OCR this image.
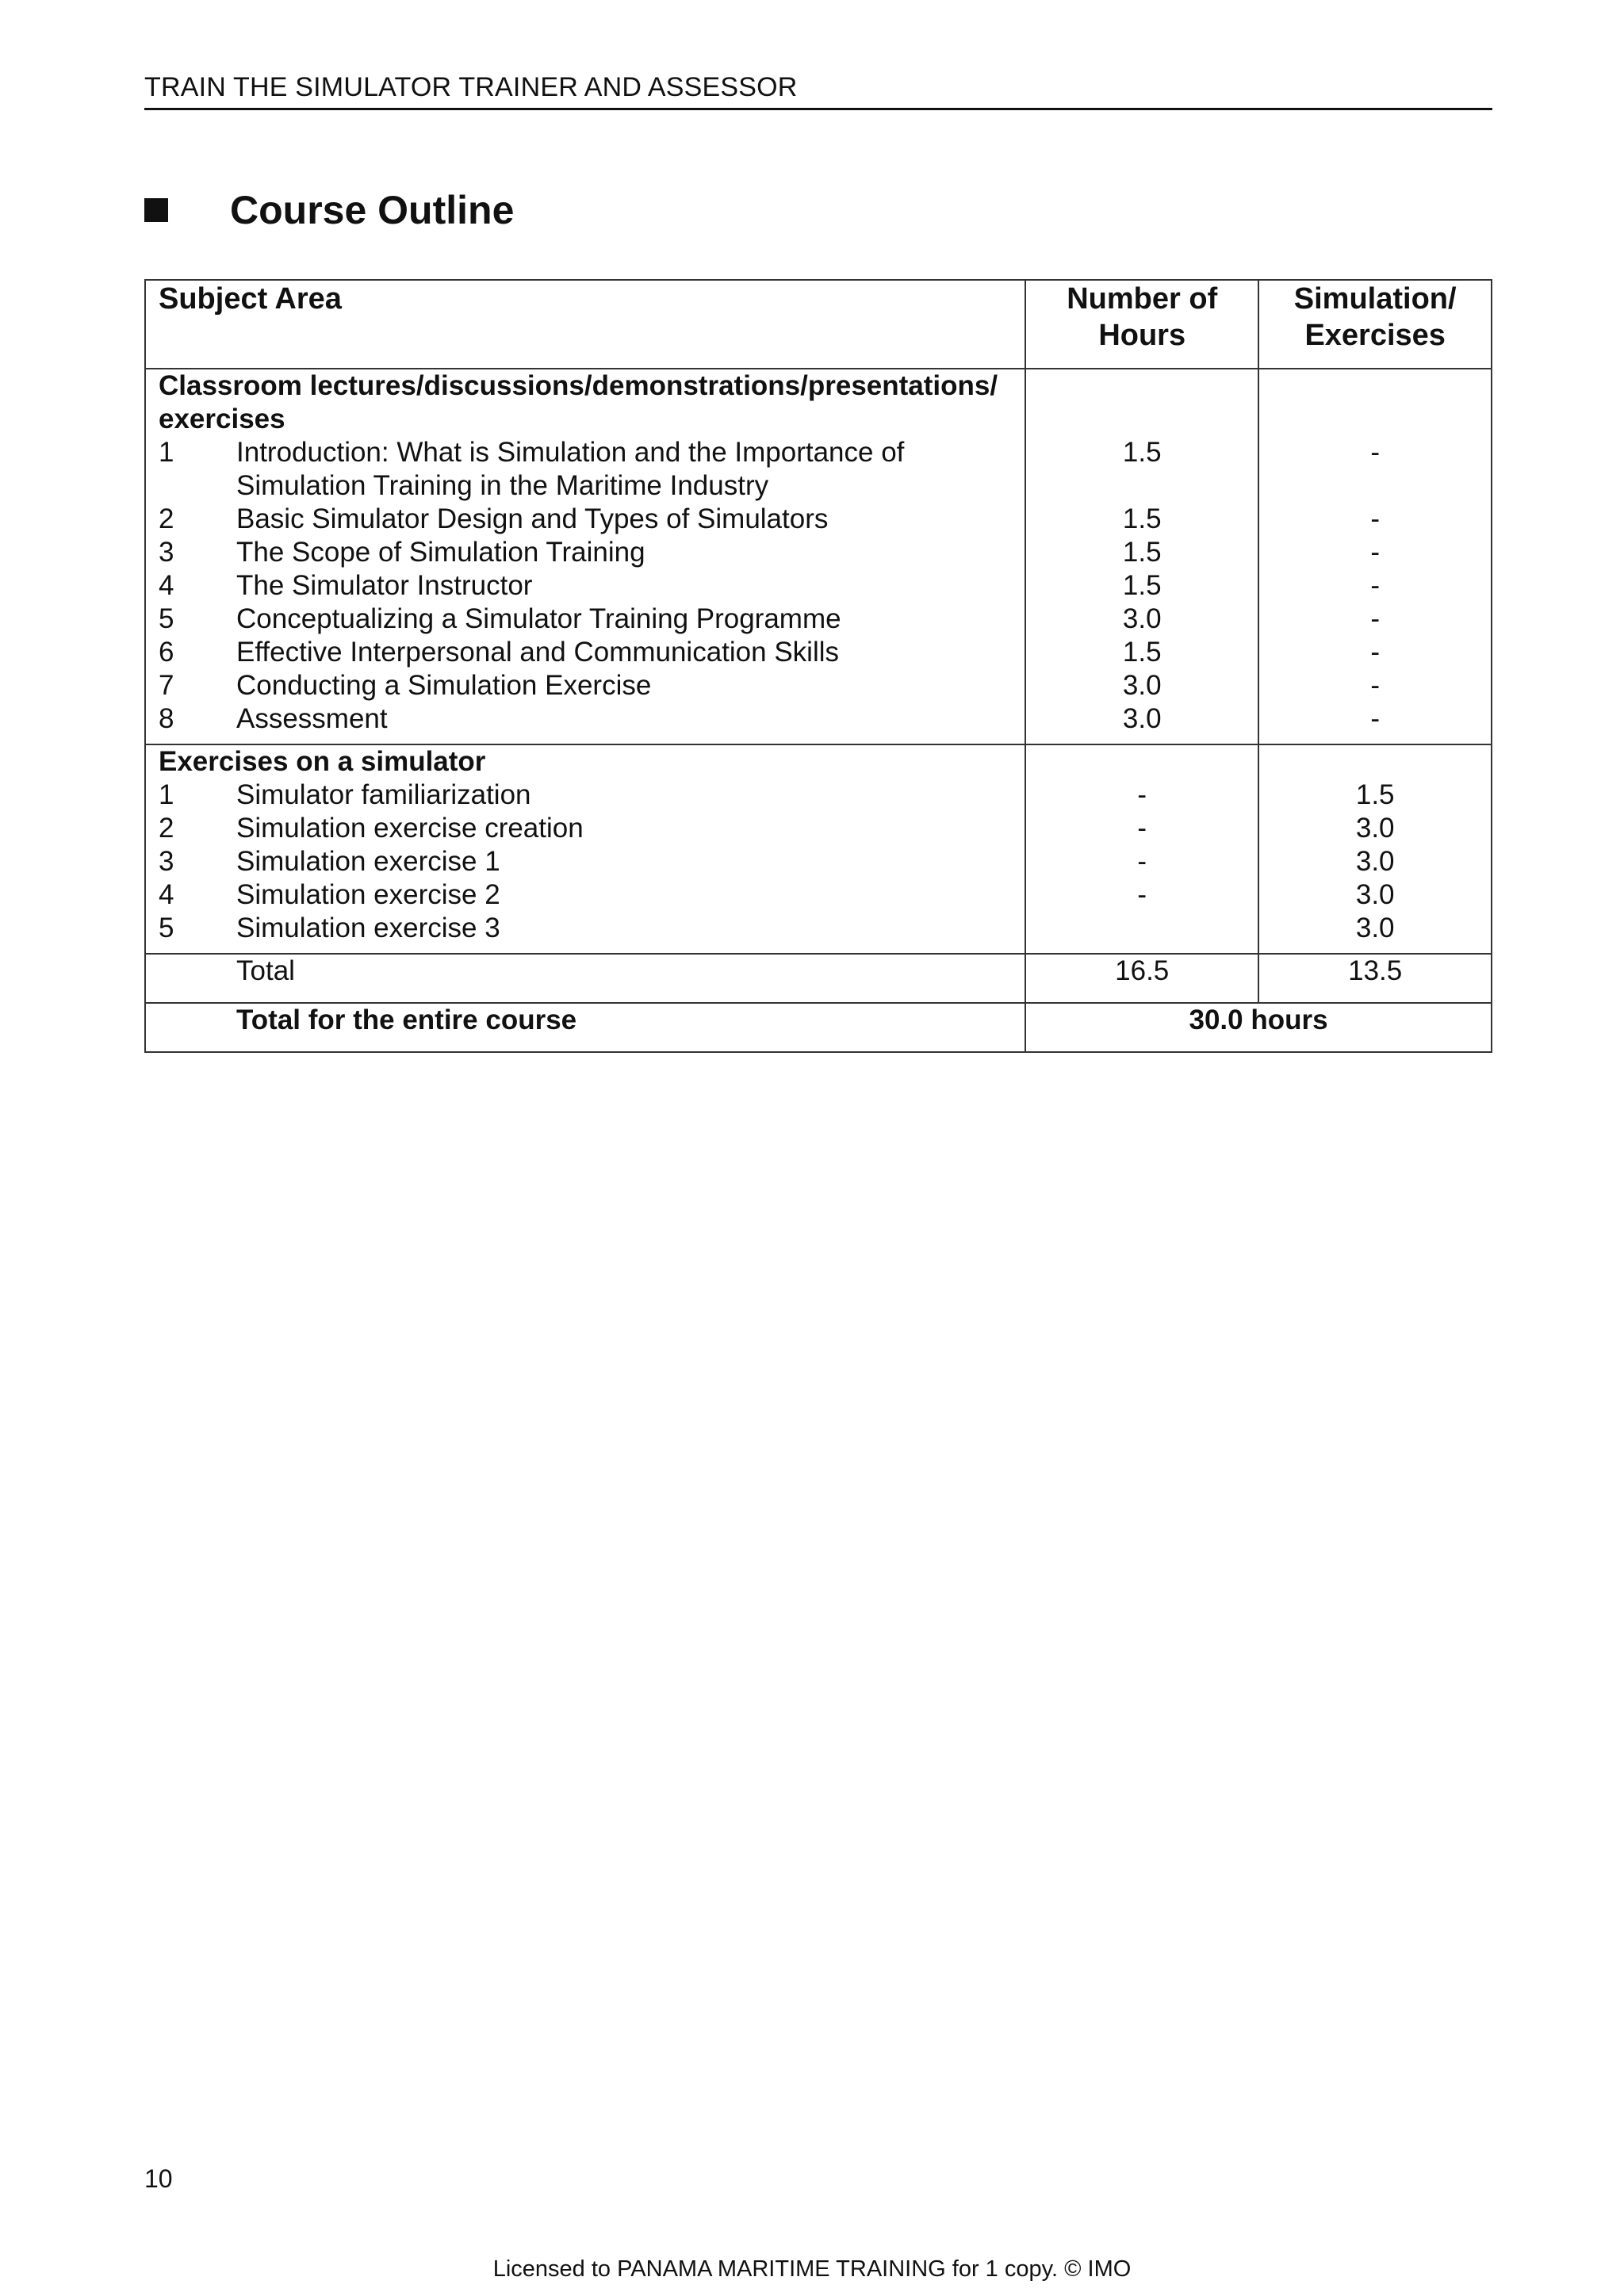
TRAIN THE SIMULATOR TRAINER AND ASSESSOR
Course Outline
Subject Area	Number of Hours	Simulation/ Exercises
Classroom lectures/discussions/demonstrations/presentations/ exercises		

1 Introduction: What is Simulation and the Importance of Simulation Training in the Maritime Industry	1.5	-

2 Basic Simulator Design and Types of Simulators	1.5	-

3 The Scope of Simulation Training	1.5	-

4 The Simulator Instructor	1.5	-

5 Conceptualizing a Simulator Training Programme	3.0	-

6 Effective Interpersonal and Communication Skills	1.5	-

7 Conducting a Simulation Exercise	3.0	-

8 Assessment	3.0	-
Exercises on a simulator		

1 Simulator familiarization	-	1.5

2 Simulation exercise creation	-	3.0

3 Simulation exercise 1	-	3.0

4 Simulation exercise 2	-	3.0

5 Simulation exercise 3		3.0
Total	16.5	13.5
Total for the entire course	30.0 hours	
10
Licensed to PANAMA MARITIME TRAINING for 1 copy. © IMO
